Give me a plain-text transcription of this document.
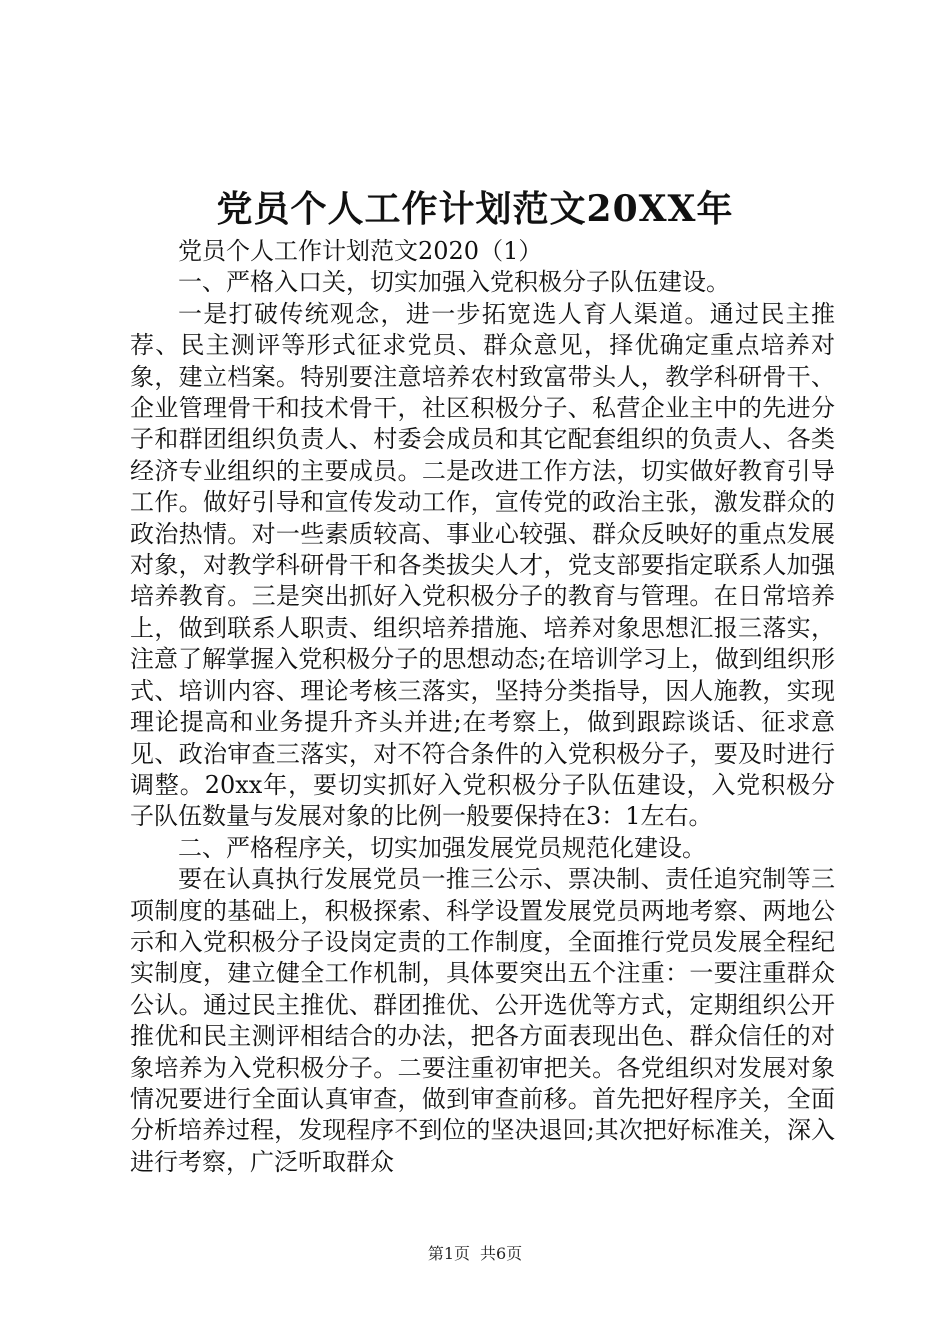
党员个人工作计划范文20XX年

党员个人工作计划范文2020（1）

一、严格入口关，切实加强入党积极分子队伍建设。

一是打破传统观念，进一步拓宽选人育人渠道。通过民主推荐、民主测评等形式征求党员、群众意见，择优确定重点培养对象，建立档案。特别要注意培养农村致富带头人，教学科研骨干、企业管理骨干和技术骨干，社区积极分子、私营企业主中的先进分子和群团组织负责人、村委会成员和其它配套组织的负责人、各类经济专业组织的主要成员。二是改进工作方法，切实做好教育引导工作。做好引导和宣传发动工作，宣传党的政治主张，激发群众的政治热情。对一些素质较高、事业心较强、群众反映好的重点发展对象，对教学科研骨干和各类拔尖人才，党支部要指定联系人加强培养教育。三是突出抓好入党积极分子的教育与管理。在日常培养上，做到联系人职责、组织培养措施、培养对象思想汇报三落实，注意了解掌握入党积极分子的思想动态;在培训学习上，做到组织形式、培训内容、理论考核三落实，坚持分类指导，因人施教，实现理论提高和业务提升齐头并进;在考察上，做到跟踪谈话、征求意见、政治审查三落实，对不符合条件的入党积极分子，要及时进行调整。20xx年，要切实抓好入党积极分子队伍建设，入党积极分子队伍数量与发展对象的比例一般要保持在3：1左右。

二、严格程序关，切实加强发展党员规范化建设。

要在认真执行发展党员一推三公示、票决制、责任追究制等三项制度的基础上，积极探索、科学设置发展党员两地考察、两地公示和入党积极分子设岗定责的工作制度，全面推行党员发展全程纪实制度，建立健全工作机制，具体要突出五个注重：一要注重群众公认。通过民主推优、群团推优、公开选优等方式，定期组织公开推优和民主测评相结合的办法，把各方面表现出色、群众信任的对象培养为入党积极分子。二要注重初审把关。各党组织对发展对象情况要进行全面认真审查，做到审查前移。首先把好程序关，全面分析培养过程，发现程序不到位的坚决退回;其次把好标准关，深入进行考察，广泛听取群众

第1页 共6页
